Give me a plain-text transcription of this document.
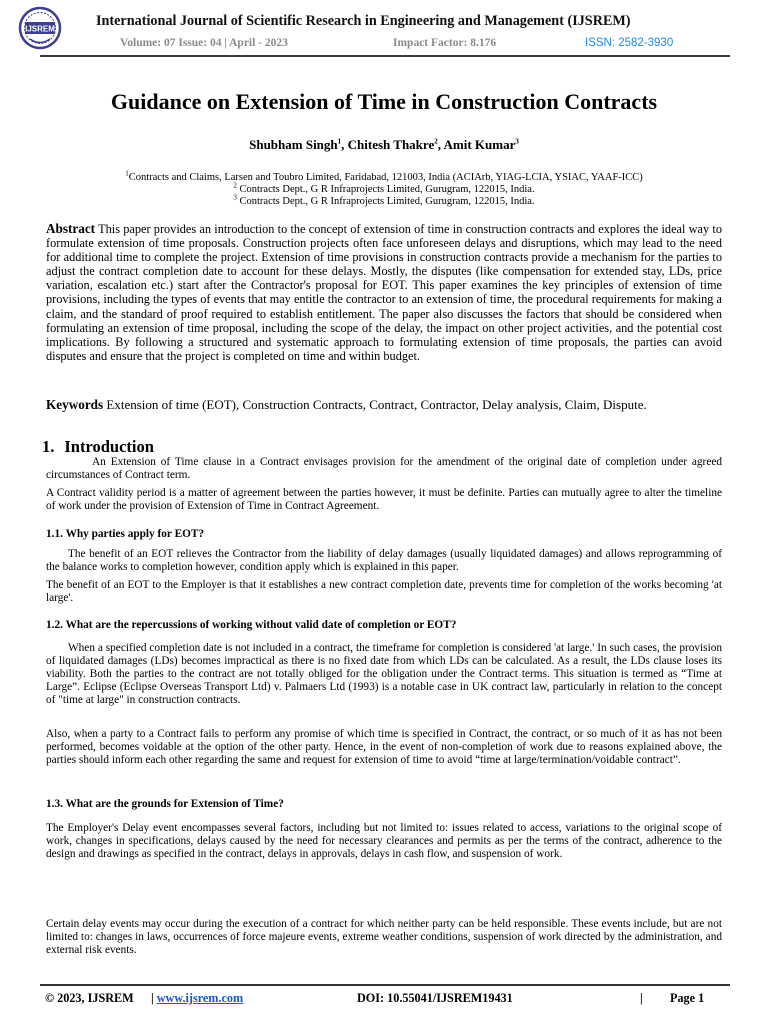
IJSREM	International Journal of Scientific Research in Engineering and Management (IJSREM)
Volume: 07 Issue: 04 | April - 2023	Impact Factor: 8.176	ISSN: 2582-3930
Guidance on Extension of Time in Construction Contracts
Shubham Singh$^1$, Chitesh Thakre$^2$, Amit Kumar$^3$
$^1$Contracts and Claims, Larsen and Toubro Limited, Faridabad, 121003, India (ACIArb, YIAG-LCIA, YSIAC, YAAF-ICC)
$^2$ Contracts Dept., G R Infraprojects Limited, Gurugram, 122015, India.
$^3$ Contracts Dept., G R Infraprojects Limited, Gurugram, 122015, India.
Abstract This paper provides an introduction to the concept of extension of time in construction contracts and explores the ideal way to formulate extension of time proposals. Construction projects often face unforeseen delays and disruptions, which may lead to the need for additional time to complete the project. Extension of time provisions in construction contracts provide a mechanism for the parties to adjust the contract completion date to account for these delays. Mostly, the disputes (like compensation for extended stay, LDs, price variation, escalation etc.) start after the Contractor's proposal for EOT. This paper examines the key principles of extension of time provisions, including the types of events that may entitle the contractor to an extension of time, the procedural requirements for making a claim, and the standard of proof required to establish entitlement. The paper also discusses the factors that should be considered when formulating an extension of time proposal, including the scope of the delay, the impact on other project activities, and the potential cost implications. By following a structured and systematic approach to formulating extension of time proposals, the parties can avoid disputes and ensure that the project is completed on time and within budget.
Keywords Extension of time (EOT), Construction Contracts, Contract, Contractor, Delay analysis, Claim, Dispute.
1. Introduction
An Extension of Time clause in a Contract envisages provision for the amendment of the original date of completion under agreed circumstances of Contract term.
A Contract validity period is a matter of agreement between the parties however, it must be definite. Parties can mutually agree to alter the timeline of work under the provision of Extension of Time in Contract Agreement.
1.1. Why parties apply for EOT?
The benefit of an EOT relieves the Contractor from the liability of delay damages (usually liquidated damages) and allows reprogramming of the balance works to completion however, condition apply which is explained in this paper.
The benefit of an EOT to the Employer is that it establishes a new contract completion date, prevents time for completion of the works becoming 'at large'.
1.2. What are the repercussions of working without valid date of completion or EOT?
When a specified completion date is not included in a contract, the timeframe for completion is considered 'at large.' In such cases, the provision of liquidated damages (LDs) becomes impractical as there is no fixed date from which LDs can be calculated. As a result, the LDs clause loses its viability. Both the parties to the contract are not totally obliged for the obligation under the Contract terms. This situation is termed as “Time at Large”. Eclipse (Eclipse Overseas Transport Ltd) v. Palmaers Ltd (1993) is a notable case in UK contract law, particularly in relation to the concept of "time at large" in construction contracts.
Also, when a party to a Contract fails to perform any promise of which time is specified in Contract, the contract, or so much of it as has not been performed, becomes voidable at the option of the other party. Hence, in the event of non-completion of work due to reasons explained above, the parties should inform each other regarding the same and request for extension of time to avoid “time at large/termination/voidable contract”.
1.3. What are the grounds for Extension of Time?
The Employer's Delay event encompasses several factors, including but not limited to: issues related to access, variations to the original scope of work, changes in specifications, delays caused by the need for necessary clearances and permits as per the terms of the contract, adherence to the design and drawings as specified in the contract, delays in approvals, delays in cash flow, and suspension of work.
Certain delay events may occur during the execution of a contract for which neither party can be held responsible. These events include, but are not limited to: changes in laws, occurrences of force majeure events, extreme weather conditions, suspension of work directed by the administration, and external risk events.
© 2023, IJSREM | www.ijsrem.com	DOI: 10.55041/IJSREM19431	| Page 1
